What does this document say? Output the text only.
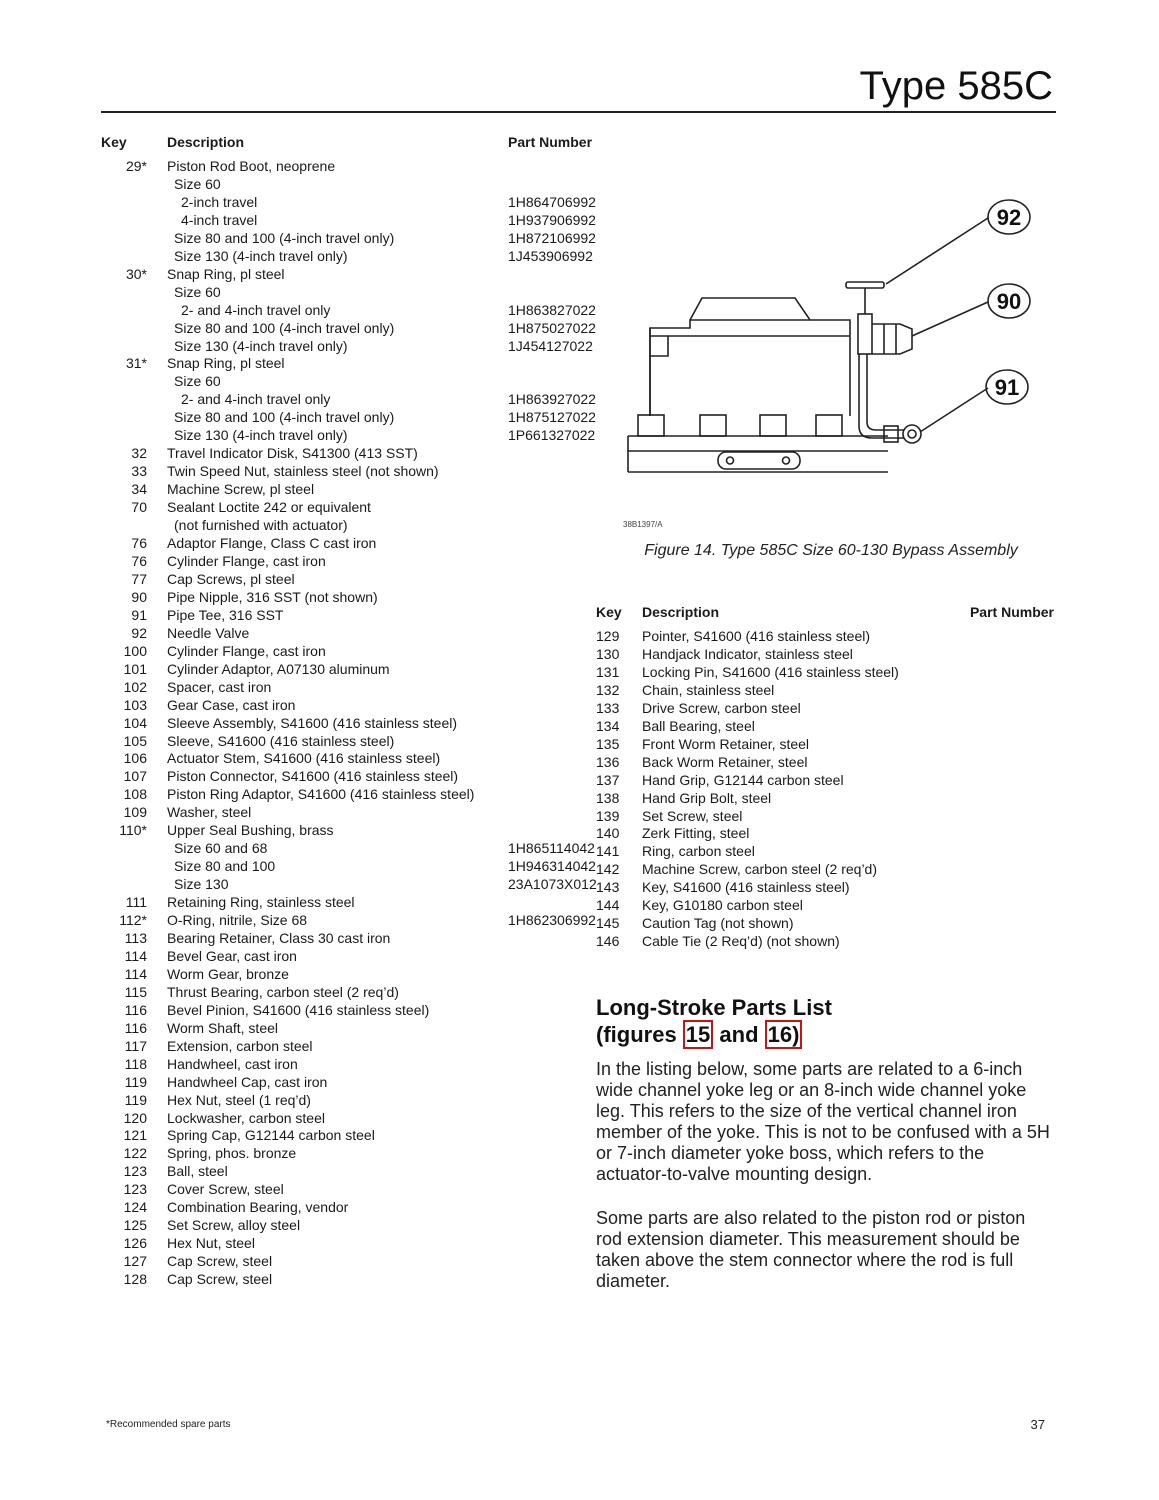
Type 585C
Key	Description	Part Number

29*	Piston Rod Boot, neoprene	
	Size 60	
	2-inch travel	1H864706992
	4-inch travel	1H937906992
	Size 80 and 100 (4-inch travel only)	1H872106992
	Size 130 (4-inch travel only)	1J453906992
30*	Snap Ring, pl steel	
	Size 60	
	2- and 4-inch travel only	1H863827022
	Size 80 and 100 (4-inch travel only)	1H875027022
	Size 130 (4-inch travel only)	1J454127022
31*	Snap Ring, pl steel	
	Size 60	
	2- and 4-inch travel only	1H863927022
	Size 80 and 100 (4-inch travel only)	1H875127022
	Size 130 (4-inch travel only)	1P661327022
32	Travel Indicator Disk, S41300 (413 SST)	
33	Twin Speed Nut, stainless steel (not shown)	
34	Machine Screw, pl steel	
70	Sealant Loctite 242 or equivalent	
	(not furnished with actuator)	
76	Adaptor Flange, Class C cast iron	
76	Cylinder Flange, cast iron	
77	Cap Screws, pl steel	
90	Pipe Nipple, 316 SST (not shown)	
91	Pipe Tee, 316 SST	
92	Needle Valve	
100	Cylinder Flange, cast iron	
101	Cylinder Adaptor, A07130 aluminum	
102	Spacer, cast iron	
103	Gear Case, cast iron	
104	Sleeve Assembly, S41600 (416 stainless steel)	
105	Sleeve, S41600 (416 stainless steel)	
106	Actuator Stem, S41600 (416 stainless steel)	
107	Piston Connector, S41600 (416 stainless steel)	
108	Piston Ring Adaptor, S41600 (416 stainless steel)	
109	Washer, steel	
110*	Upper Seal Bushing, brass	
	Size 60 and 68	1H865114042
	Size 80 and 100	1H946314042
	Size 130	23A1073X012
111	Retaining Ring, stainless steel	
112*	O-Ring, nitrile, Size 68	1H862306992
113	Bearing Retainer, Class 30 cast iron	
114	Bevel Gear, cast iron	
114	Worm Gear, bronze	
115	Thrust Bearing, carbon steel (2 req’d)	
116	Bevel Pinion, S41600 (416 stainless steel)	
116	Worm Shaft, steel	
117	Extension, carbon steel	
118	Handwheel, cast iron	
119	Handwheel Cap, cast iron	
119	Hex Nut, steel (1 req’d)	
120	Lockwasher, carbon steel	
121	Spring Cap, G12144 carbon steel	
122	Spring, phos. bronze	
123	Ball, steel	
123	Cover Screw, steel	
124	Combination Bearing, vendor	
125	Set Screw, alloy steel	
126	Hex Nut, steel	
127	Cap Screw, steel	
128	Cap Screw, steel	
92
90
91
38B1397/A
Figure 14. Type 585C Size 60-130 Bypass Assembly
Key	Description	Part Number

129	Pointer, S41600 (416 stainless steel)	
130	Handjack Indicator, stainless steel	
131	Locking Pin, S41600 (416 stainless steel)	
132	Chain, stainless steel	
133	Drive Screw, carbon steel	
134	Ball Bearing, steel	
135	Front Worm Retainer, steel	
136	Back Worm Retainer, steel	
137	Hand Grip, G12144 carbon steel	
138	Hand Grip Bolt, steel	
139	Set Screw, steel	
140	Zerk Fitting, steel	
141	Ring, carbon steel	
142	Machine Screw, carbon steel (2 req’d)	
143	Key, S41600 (416 stainless steel)	
144	Key, G10180 carbon steel	
145	Caution Tag (not shown)	
146	Cable Tie (2 Req’d) (not shown)	
Long-Stroke Parts List
(figures 15 and 16)

In the listing below, some parts are related to a 6-inch wide channel yoke leg or an 8-inch wide channel yoke leg. This refers to the size of the vertical channel iron member of the yoke. This is not to be confused with a 5H or 7-inch diameter yoke boss, which refers to the actuator-to-valve mounting design.

Some parts are also related to the piston rod or piston rod extension diameter. This measurement should be taken above the stem connector where the rod is full diameter.

*Recommended spare parts	37
